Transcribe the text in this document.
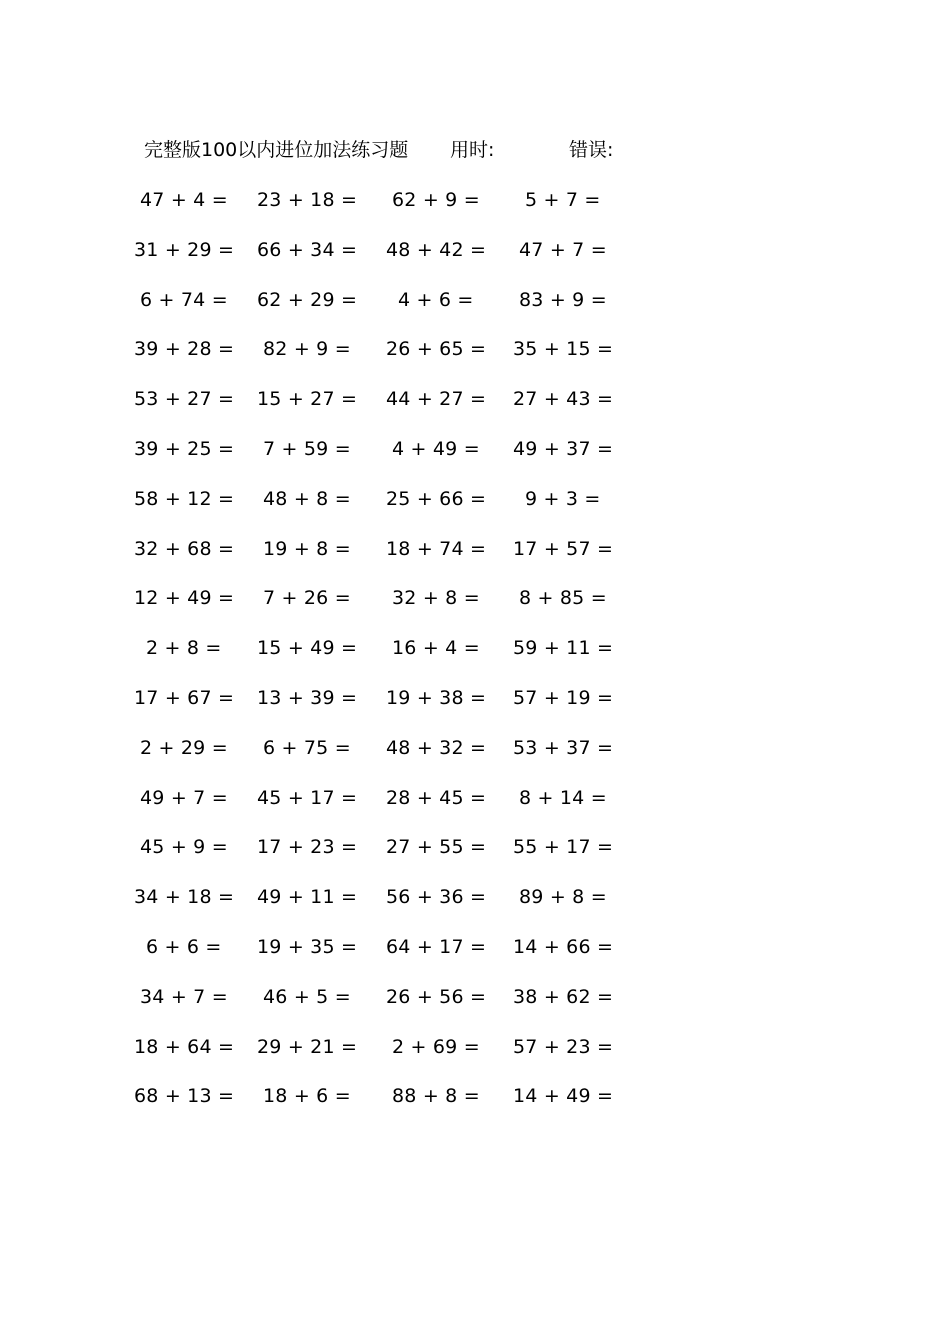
完整版100以内进位加法练习题 用时:	错误:
47 + 4 = 23 + 18 = 62 + 9 = 5 + 7 =
31 + 29 = 66 + 34 = 48 + 42 = 47 + 7 =
6 + 74 = 62 + 29 = 4 + 6 = 83 + 9 =
39 + 28 = 82 + 9 = 26 + 65 = 35 + 15 =
53 + 27 = 15 + 27 = 44 + 27 = 27 + 43 =
39 + 25 = 7 + 59 = 4 + 49 = 49 + 37 =
58 + 12 = 48 + 8 = 25 + 66 = 9 + 3 =
32 + 68 = 19 + 8 = 18 + 74 = 17 + 57 =
12 + 49 = 7 + 26 = 32 + 8 = 8 + 85 =
2 + 8 = 15 + 49 = 16 + 4 = 59 + 11 =
17 + 67 = 13 + 39 = 19 + 38 = 57 + 19 =
2 + 29 = 6 + 75 = 48 + 32 = 53 + 37 =
49 + 7 = 45 + 17 = 28 + 45 = 8 + 14 =
45 + 9 = 17 + 23 = 27 + 55 = 55 + 17 =
34 + 18 = 49 + 11 = 56 + 36 = 89 + 8 =
6 + 6 = 19 + 35 = 64 + 17 = 14 + 66 =
34 + 7 = 46 + 5 = 26 + 56 = 38 + 62 =
18 + 64 = 29 + 21 = 2 + 69 = 57 + 23 =
68 + 13 = 18 + 6 = 88 + 8 = 14 + 49 =
